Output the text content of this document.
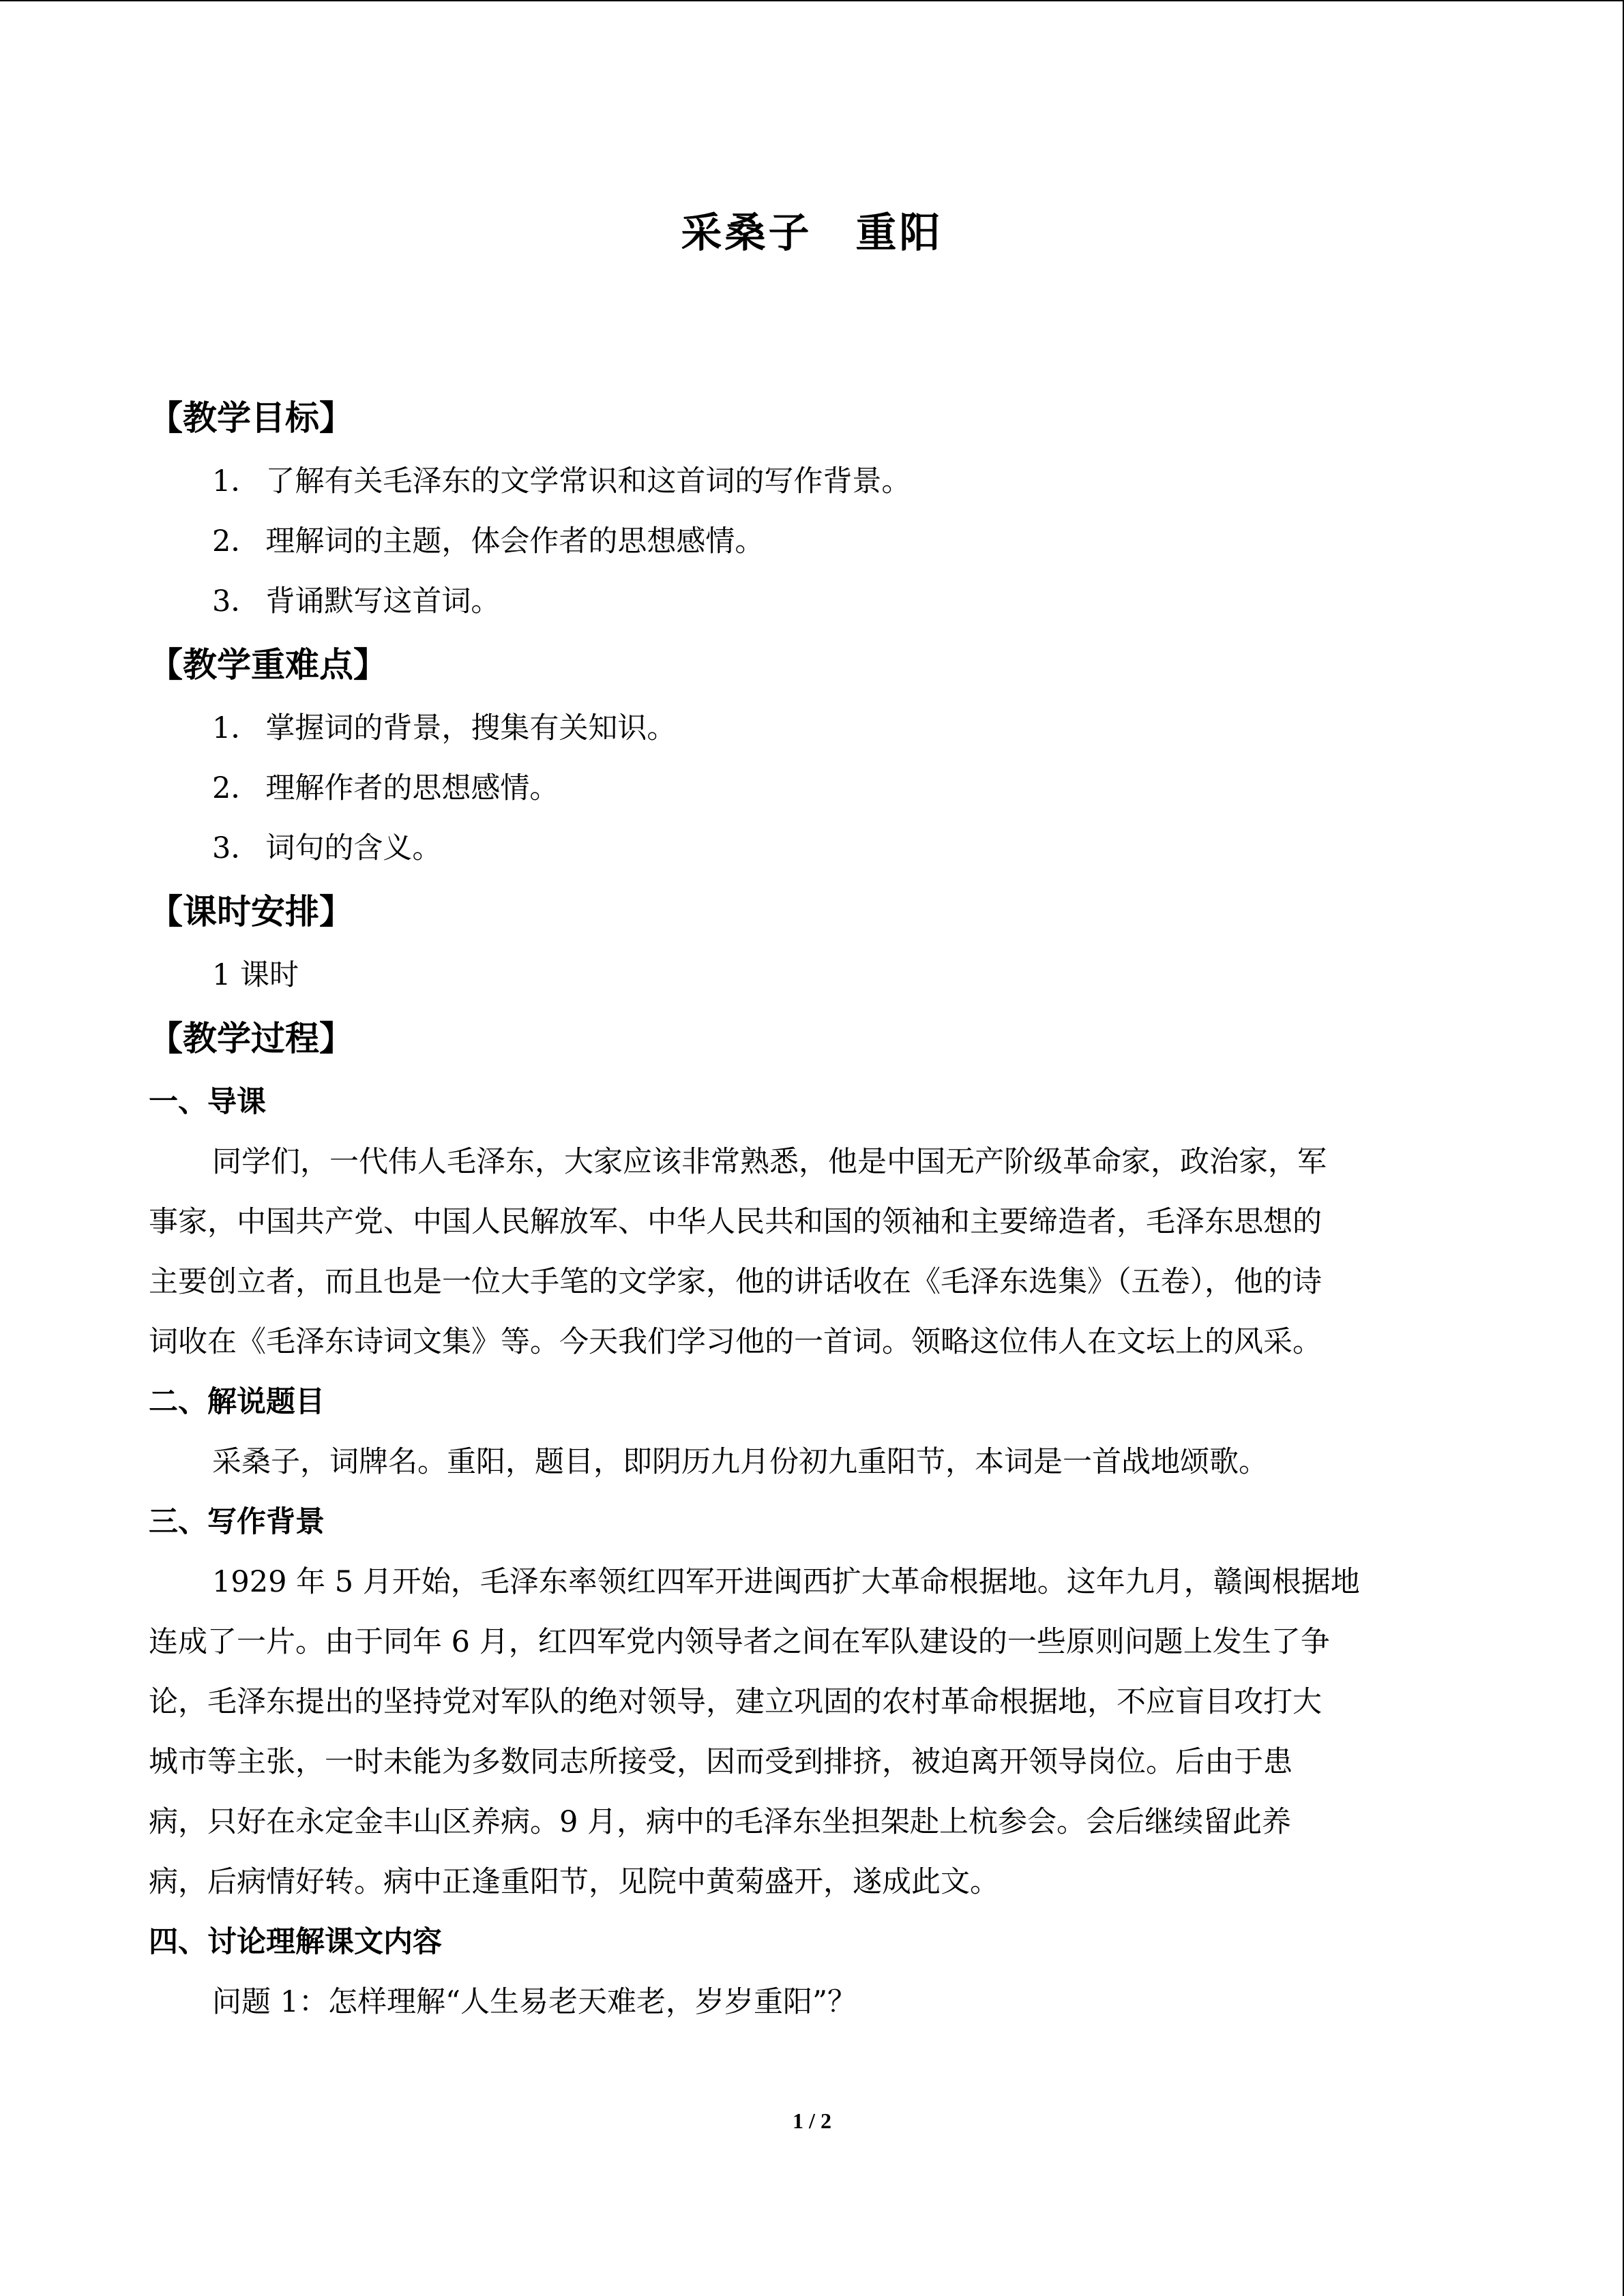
采桑子　重阳
【教学目标】
1． 了解有关毛泽东的文学常识和这首词的写作背景。
2． 理解词的主题，体会作者的思想感情。
3． 背诵默写这首词。
【教学重难点】
1． 掌握词的背景，搜集有关知识。
2． 理解作者的思想感情。
3． 词句的含义。
【课时安排】
1 课时
【教学过程】
一、导课
同学们，一代伟人毛泽东，大家应该非常熟悉，他是中国无产阶级革命家，政治家，军
事家，中国共产党、中国人民解放军、中华人民共和国的领袖和主要缔造者，毛泽东思想的
主要创立者，而且也是一位大手笔的文学家，他的讲话收在《毛泽东选集》（五卷），他的诗
词收在《毛泽东诗词文集》等。今天我们学习他的一首词。领略这位伟人在文坛上的风采。
二、解说题目
采桑子，词牌名。重阳，题目，即阴历九月份初九重阳节，本词是一首战地颂歌。
三、写作背景
1929 年 5 月开始，毛泽东率领红四军开进闽西扩大革命根据地。这年九月，赣闽根据地
连成了一片。由于同年 6 月，红四军党内领导者之间在军队建设的一些原则问题上发生了争
论，毛泽东提出的坚持党对军队的绝对领导，建立巩固的农村革命根据地，不应盲目攻打大
城市等主张，一时未能为多数同志所接受，因而受到排挤，被迫离开领导岗位。后由于患
病，只好在永定金丰山区养病。9 月，病中的毛泽东坐担架赴上杭参会。会后继续留此养
病，后病情好转。病中正逢重阳节，见院中黄菊盛开，遂成此文。
四、讨论理解课文内容
问题 1：怎样理解“人生易老天难老，岁岁重阳”？
1 / 2
